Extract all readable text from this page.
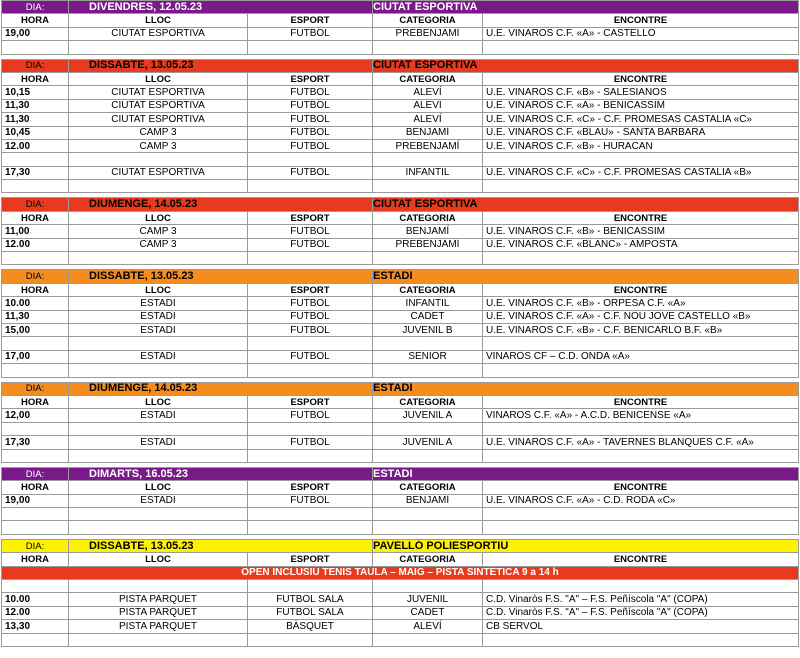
DIA:	DIVENDRES, 12.05.23		CIUTAT ESPORTIVA	
HORA	LLOC	ESPORT	CATEGORIA	ENCONTRE
19,00	CIUTAT ESPORTIVA	FUTBOL	PREBENJAMÍ	U.E. VINAROS C.F. «A» - CASTELLÓ

DIA:	DISSABTE, 13.05.23		CIUTAT ESPORTIVA	
HORA	LLOC	ESPORT	CATEGORIA	ENCONTRE
10,15	CIUTAT ESPORTIVA	FUTBOL	ALEVÍ	U.E. VINAROS C.F. «B» - SALESIANOS
11,30	CIUTAT ESPORTIVA	FUTBOL	ALEVÍ	U.E. VINAROS C.F. «A» - BENICASSIM
11,30	CIUTAT ESPORTIVA	FUTBOL	ALEVÍ	U.E. VINAROS C.F. «C» - C.F. PROMESAS CASTALIA «C»
10,45	CAMP 3	FUTBOL	BENJAMÍ	U.E. VINAROS C.F. «BLAU» - SANTA BARBARA
12.00	CAMP 3	FUTBOL	PREBENJAMÍ	U.E. VINAROS C.F. «B» - HURACAN

17,30	CIUTAT ESPORTIVA	FUTBOL	INFANTIL	U.E. VINAROS C.F. «C» - C.F. PROMESAS CASTALIA «B»

DIA:	DIUMENGE, 14.05.23		CIUTAT ESPORTIVA	
HORA	LLOC	ESPORT	CATEGORIA	ENCONTRE
11,00	CAMP 3	FUTBOL	BENJAMÍ	U.E. VINAROS C.F. «B» - BENICASSIM
12.00	CAMP 3	FUTBOL	PREBENJAMÍ	U.E. VINAROS C.F. «BLANC» - AMPOSTA

DIA:	DISSABTE, 13.05.23		ESTADI	
HORA	LLOC	ESPORT	CATEGORIA	ENCONTRE
10.00	ESTADI	FUTBOL	INFANTIL	U.E. VINAROS C.F. «B» - ORPESA C.F. «A»
11,30	ESTADI	FUTBOL	CADET	U.E. VINAROS C.F. «A» - C.F. NOU JOVE CASTELLÓ «B»
15,00	ESTADI	FUTBOL	JUVENIL B	U.E. VINAROS C.F. «B» - C.F. BENICARLO B.F. «B»

17,00	ESTADI	FUTBOL	SÈNIOR	VINARÒS CF – C.D. ONDA «A»

DIA:	DIUMENGE, 14.05.23		ESTADI	
HORA	LLOC	ESPORT	CATEGORIA	ENCONTRE
12,00	ESTADI	FUTBOL	JUVENIL A	VINAROS C.F. «A» - A.C.D. BENICENSE «A»

17,30	ESTADI	FUTBOL	JUVENIL A	U.E. VINAROS C.F. «A» - TAVERNES BLANQUES C.F. «A»

DIA:	DIMARTS, 16.05.23		ESTADI	
HORA	LLOC	ESPORT	CATEGORIA	ENCONTRE
19,00	ESTADI	FUTBOL	BENJAMÍ	U.E. VINAROS C.F. «A» - C.D. RODA «C»

DIA:	DISSABTE, 13.05.23		PAVELLÓ POLIESPORTIU	
HORA	LLOC	ESPORT	CATEGORIA	ENCONTRE
OPEN INCLUSIU TENIS TAULA – MAIG – PISTA SINTÈTICA 9 a 14 h				

10.00	PISTA PARQUET	FUTBOL SALA	JUVENIL	C.D. Vinaròs F.S. "A" – F.S. Peñíscola "A" (COPA)
12.00	PISTA PARQUET	FUTBOL SALA	CADET	C.D. Vinaròs F.S. "A" – F.S. Peñíscola "A" (COPA)
13,30	PISTA PARQUET	BÀSQUET	ALEVÍ	CB SERVOL
